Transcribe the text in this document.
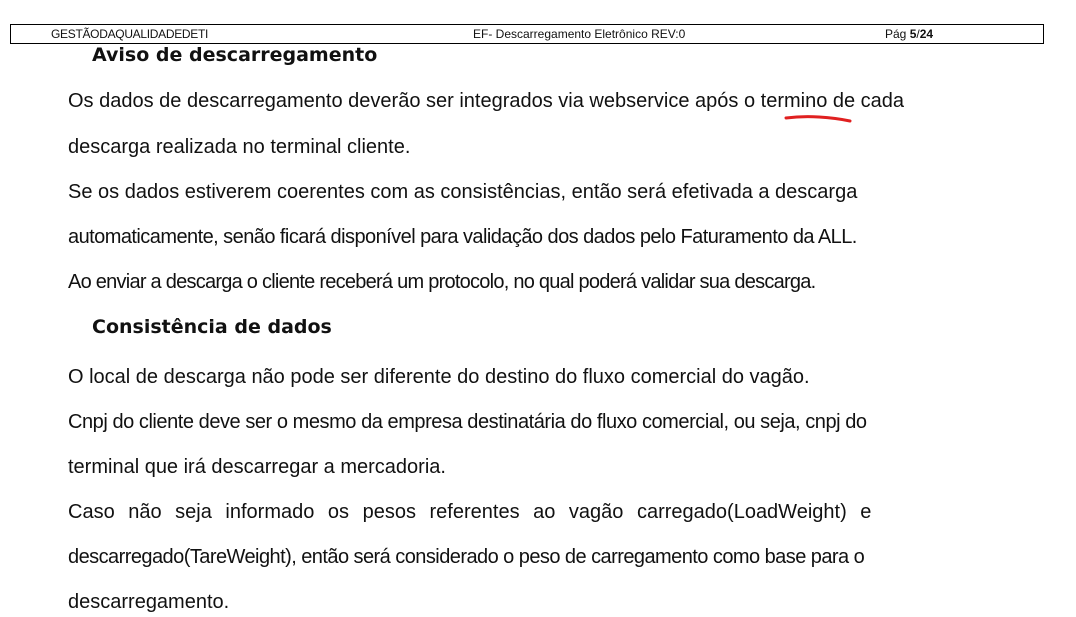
GESTÃODAQUALIDADEDETI	EF- Descarregamento Eletrônico REV:0	Pág 5/24
Aviso de descarregamento
Os dados de descarregamento deverão ser integrados via webservice após o termino de cada
descarga realizada no terminal cliente.
Se os dados estiverem coerentes com as consistências, então será efetivada a descarga
automaticamente, senão ficará disponível para validação dos dados pelo Faturamento da ALL.
Ao enviar a descarga o cliente receberá um protocolo, no qual poderá validar sua descarga.
Consistência de dados
O local de descarga não pode ser diferente do destino do fluxo comercial do vagão.
Cnpj do cliente deve ser o mesmo da empresa destinatária do fluxo comercial, ou seja, cnpj do
terminal que irá descarregar a mercadoria.
Caso não seja informado os pesos referentes ao vagão carregado(LoadWeight) e
descarregado(TareWeight), então será considerado o peso de carregamento como base para o
descarregamento.
